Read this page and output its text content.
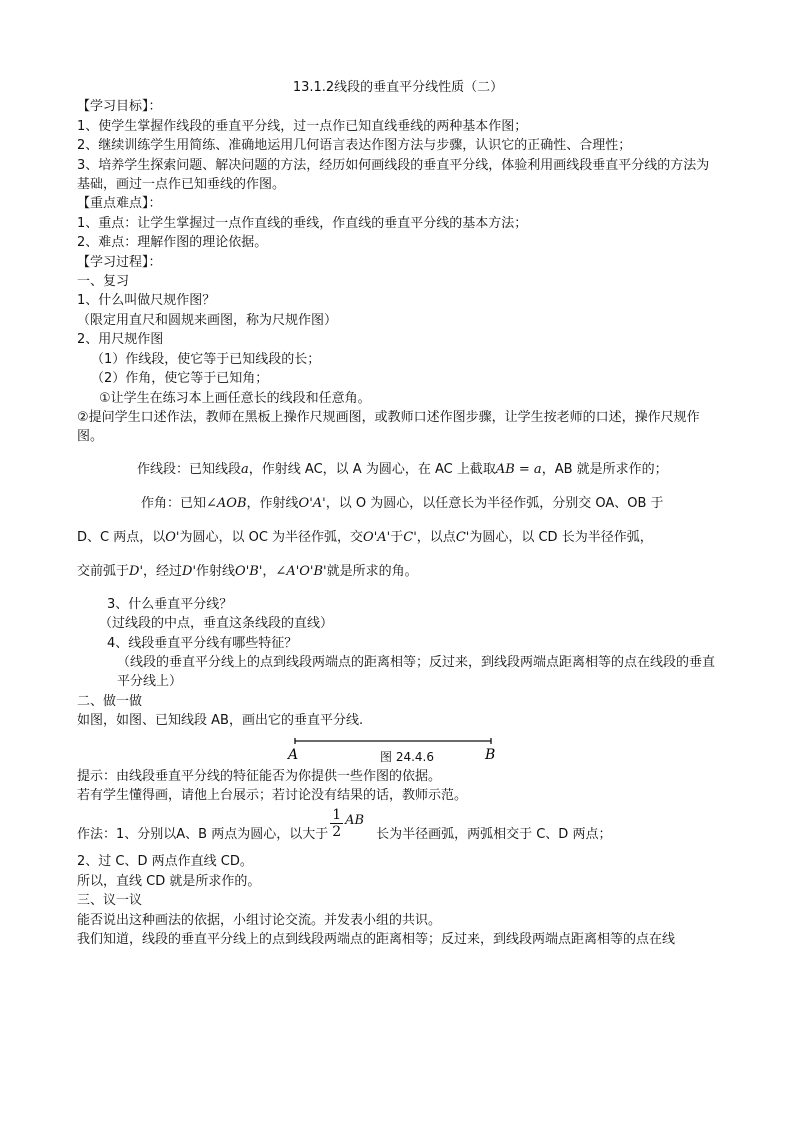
13.1.2线段的垂直平分线性质（二）
【学习目标】：
1、使学生掌握作线段的垂直平分线，过一点作已知直线垂线的两种基本作图；
2、继续训练学生用简练、准确地运用几何语言表达作图方法与步骤，认识它的正确性、合理性；
3、培养学生探索问题、解决问题的方法，经历如何画线段的垂直平分线，体验利用画线段垂直平分线的方法为基础，画过一点作已知垂线的作图。
【重点难点】：
1、重点：让学生掌握过一点作直线的垂线，作直线的垂直平分线的基本方法；
2、难点：理解作图的理论依据。
【学习过程】：
一、复习
1、什么叫做尺规作图？
（限定用直尺和圆规来画图，称为尺规作图）
2、用尺规作图
（1）作线段，使它等于已知线段的长；
（2）作角，使它等于已知角；
①让学生在练习本上画任意长的线段和任意角。
②提问学生口述作法，教师在黑板上操作尺规画图，或教师口述作图步骤，让学生按老师的口述，操作尺规作图。
作线段：已知线段a，作射线 AC，以 A 为圆心，在 AC 上截取AB = a，AB 就是所求作的；
作角：已知∠AOB，作射线O'A'，以 O 为圆心，以任意长为半径作弧，分别交 OA、OB 于
D、C 两点，以O'为圆心，以 OC 为半径作弧，交O'A'于C'，以点C'为圆心，以 CD 长为半径作弧，
交前弧于D'，经过D'作射线O'B'，∠A'O'B'就是所求的角。
3、什么垂直平分线？
（过线段的中点，垂直这条线段的直线）
4、线段垂直平分线有哪些特征？
（线段的垂直平分线上的点到线段两端点的距离相等；反过来，到线段两端点距离相等的点在线段的垂直平分线上）
二、做一做
如图，如图、已知线段 AB，画出它的垂直平分线.
A	B
图 24.4.6
提示：由线段垂直平分线的特征能否为你提供一些作图的依据。
若有学生懂得画，请他上台展示；若讨论没有结果的话，教师示范。
作法：1、分别以A、B 两点为圆心，以大于 $\frac{1}{2}$ AB
长为半径画弧，两弧相交于 C、D 两点；
2、过 C、D 两点作直线 CD。
所以，直线 CD 就是所求作的。
三、议一议
能否说出这种画法的依据，小组讨论交流。并发表小组的共识。
我们知道，线段的垂直平分线上的点到线段两端点的距离相等；反过来，到线段两端点距离相等的点在线
